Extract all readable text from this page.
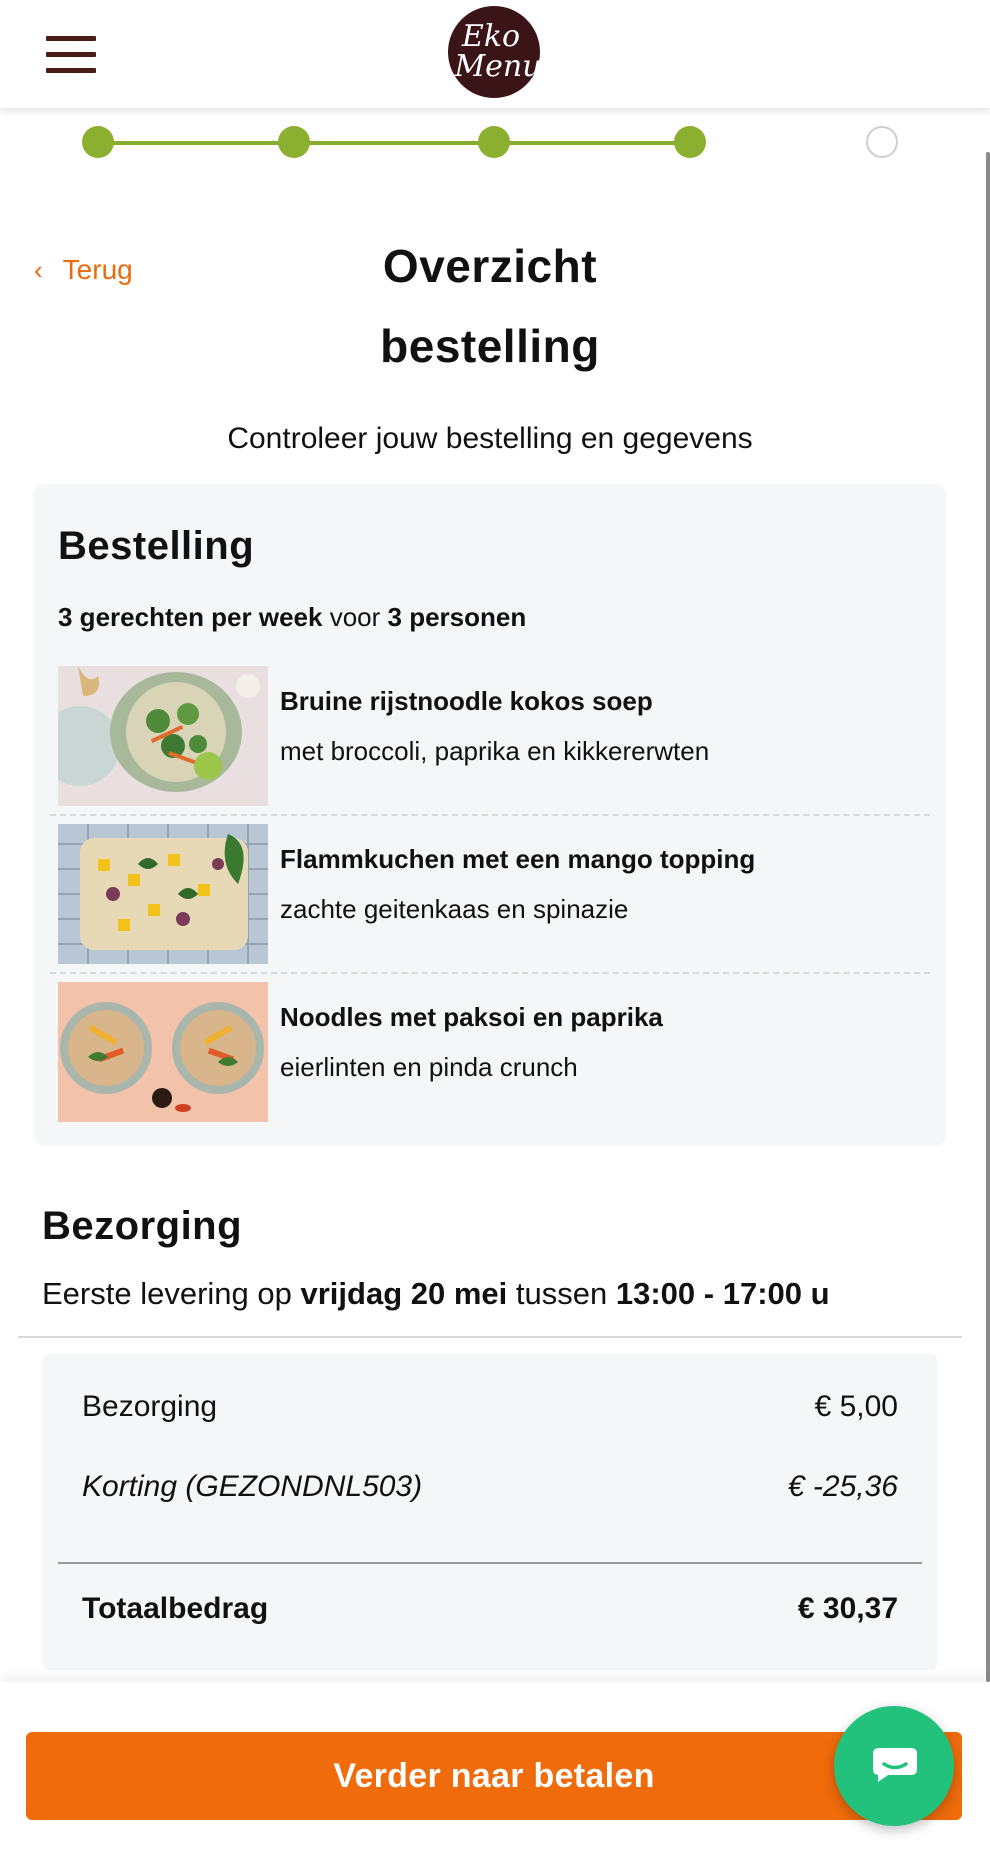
Eko
Menu
‹ Terug	Overzicht bestelling
Controleer jouw bestelling en gegevens
Bestelling
3 gerechten per week voor 3 personen
Bruine rijstnoodle kokos soep
met broccoli, paprika en kikkererwten
Flammkuchen met een mango topping
zachte geitenkaas en spinazie
Noodles met paksoi en paprika
eierlinten en pinda crunch
Bezorging
Eerste levering op vrijdag 20 mei tussen 13:00 - 17:00 u
Bezorging	€ 5,00
Korting (GEZONDNL503)	€ -25,36
Totaalbedrag	€ 30,37
Verder naar betalen
